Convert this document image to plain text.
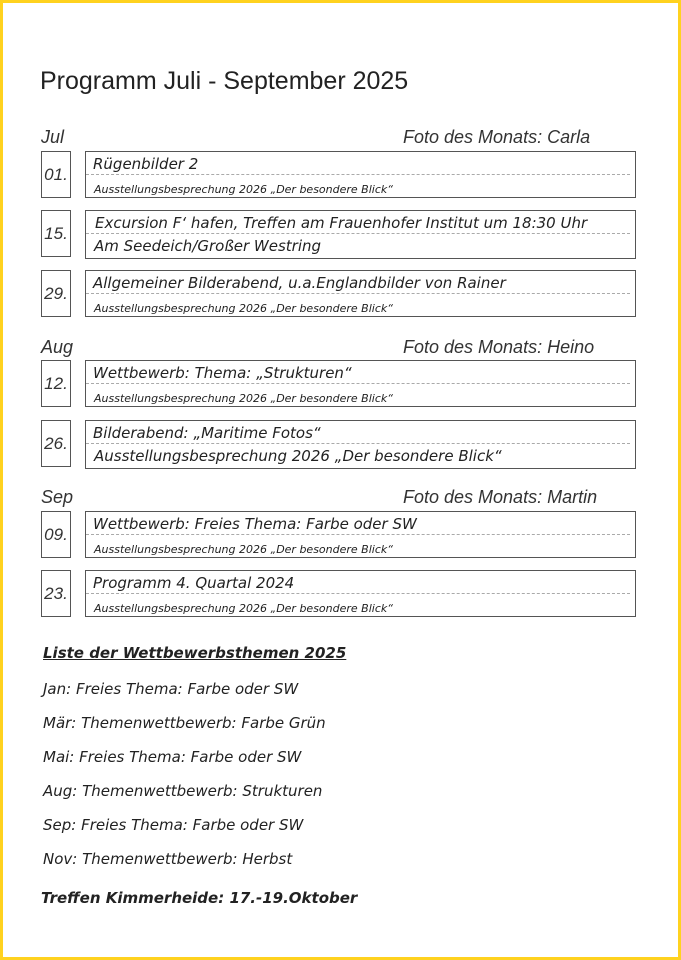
Programm Juli - September 2025
Jul	Foto des Monats: Carla
01.
Rügenbilder 2
Ausstellungsbesprechung 2026 „Der besondere Blick“
15.
Excursion F‘ hafen, Treffen am Frauenhofer Institut um 18:30 Uhr
Am Seedeich/Großer Westring
29.
Allgemeiner Bilderabend, u.a.Englandbilder von Rainer
Ausstellungsbesprechung 2026 „Der besondere Blick“
Aug	Foto des Monats: Heino
12.
Wettbewerb: Thema: „Strukturen“
Ausstellungsbesprechung 2026 „Der besondere Blick“
26.
Bilderabend: „Maritime Fotos“
Ausstellungsbesprechung 2026 „Der besondere Blick“
Sep	Foto des Monats: Martin
09.
Wettbewerb: Freies Thema: Farbe oder SW
Ausstellungsbesprechung 2026 „Der besondere Blick“
23.
Programm 4. Quartal 2024
Ausstellungsbesprechung 2026 „Der besondere Blick“
Liste der Wettbewerbsthemen 2025
Jan: Freies Thema: Farbe oder SW
Mär: Themenwettbewerb: Farbe Grün
Mai: Freies Thema: Farbe oder SW
Aug: Themenwettbewerb: Strukturen
Sep: Freies Thema: Farbe oder SW
Nov: Themenwettbewerb: Herbst
Treffen Kimmerheide: 17.-19.Oktober
